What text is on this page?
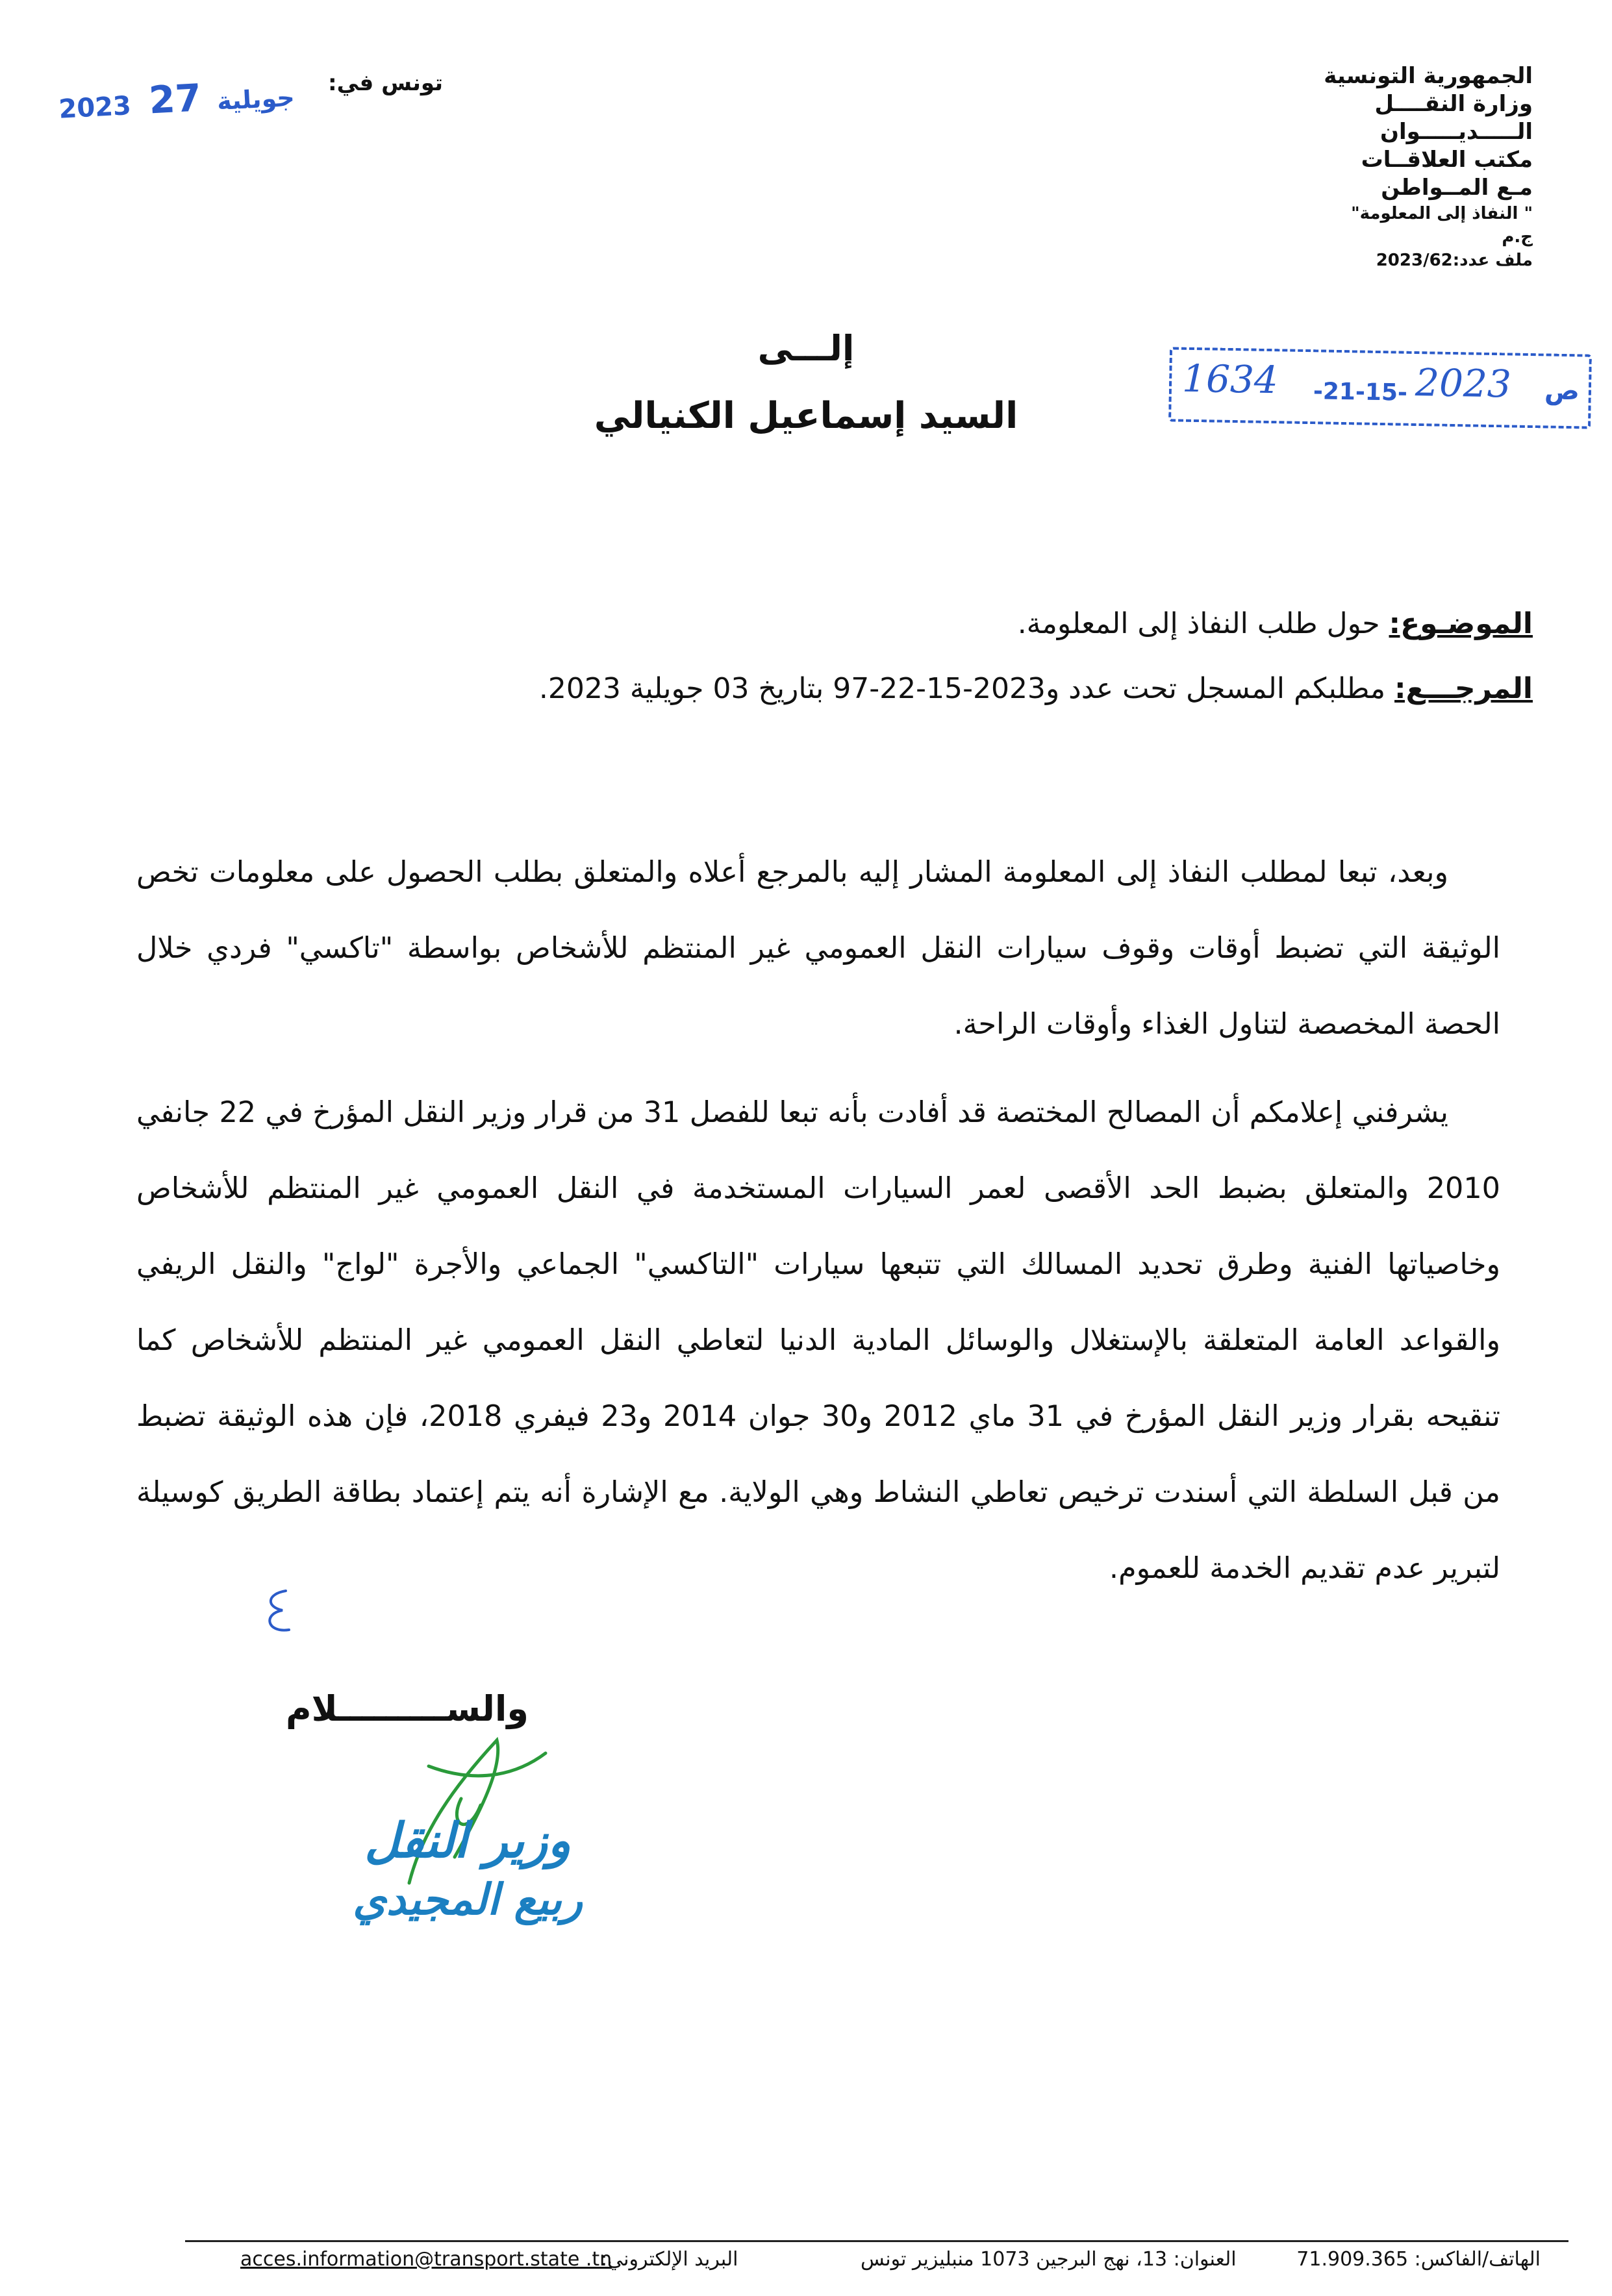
الجمهورية التونسية
وزارة النقــــل
الـــــديـــــوان
مكتب العلاقــات
مـع المــواطن
" النفاذ إلى المعلومة"
ج.م
ملف عدد:2023/62
تونس في:
2023	جويلية 27
ص
1634 -21-15- 2023
إلـــى
السيد إسماعيل الكنيالي
الموضـوع: حول طلب النفاذ إلى المعلومة.
المرجـــع: مطلبكم المسجل تحت عدد و2023-15-22-97 بتاريخ 03 جويلية 2023.
وبعد، تبعا لمطلب النفاذ إلى المعلومة المشار إليه بالمرجع أعلاه والمتعلق بطلب الحصول على معلومات تخص الوثيقة التي تضبط أوقات وقوف سيارات النقل العمومي غير المنتظم للأشخاص بواسطة "تاكسي" فردي خلال الحصة المخصصة لتناول الغذاء وأوقات الراحة.
يشرفني إعلامكم أن المصالح المختصة قد أفادت بأنه تبعا للفصل 31 من قرار وزير النقل المؤرخ في 22 جانفي 2010 والمتعلق بضبط الحد الأقصى لعمر السيارات المستخدمة في النقل العمومي غير المنتظم للأشخاص وخاصياتها الفنية وطرق تحديد المسالك التي تتبعها سيارات "التاكسي" الجماعي والأجرة "لواج" والنقل الريفي والقواعد العامة المتعلقة بالإستغلال والوسائل المادية الدنيا لتعاطي النقل العمومي غير المنتظم للأشخاص كما تنقيحه بقرار وزير النقل المؤرخ في 31 ماي 2012 و30 جوان 2014 و23 فيفري 2018، فإن هذه الوثيقة تضبط من قبل السلطة التي أسندت ترخيص تعاطي النشاط وهي الولاية. مع الإشارة أنه يتم إعتماد بطاقة الطريق كوسيلة لتبرير عدم تقديم الخدمة للعموم.
والســـــــــلام
وزير النقل
ربيع المجيدي
الهاتف/الفاكس: 71.909.365
العنوان: 13، نهج البرجين 1073 منبليزير تونس
البريد الإلكتروني:
acces.information@transport.state .tn
